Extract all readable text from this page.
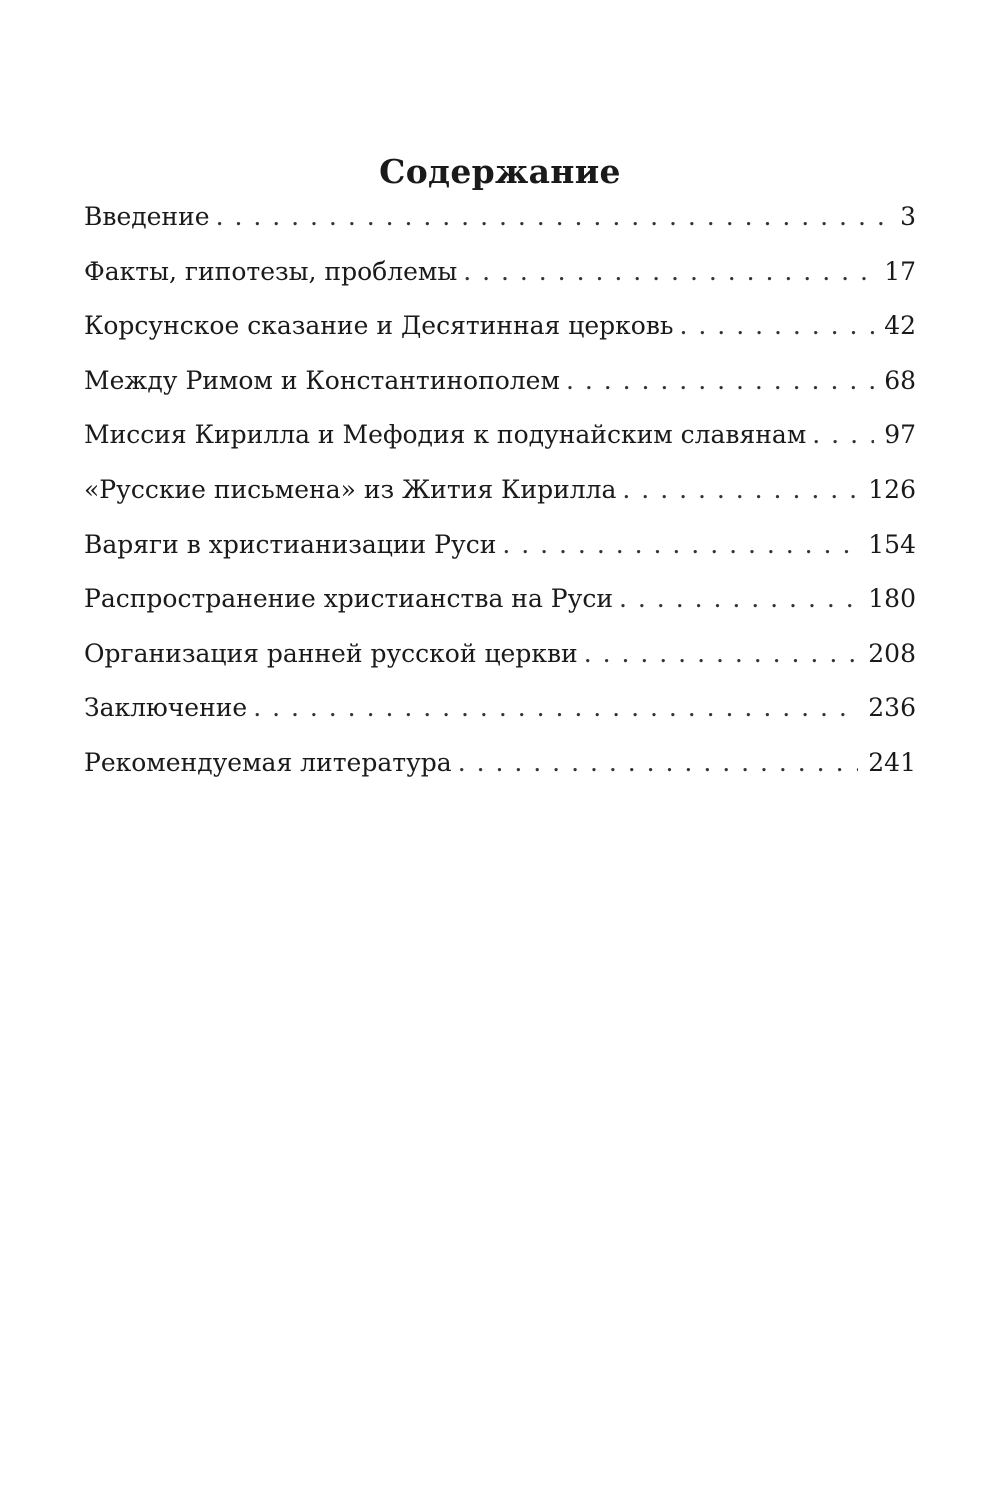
Содержание
Введение . . .	3
Факты, гипотезы, проблемы . . .	17
Корсунское сказание и Десятинная церковь . . .	42
Между Римом и Константинополем . . .	68
Миссия Кирилла и Мефодия к подунайским славянам . . .	97
«Русские письмена» из Жития Кирилла . . .	126
Варяги в христианизации Руси . . .	154
Распространение христианства на Руси . . .	180
Организация ранней русской церкви . . .	208
Заключение . . .	236
Рекомендуемая литература . . .	241
